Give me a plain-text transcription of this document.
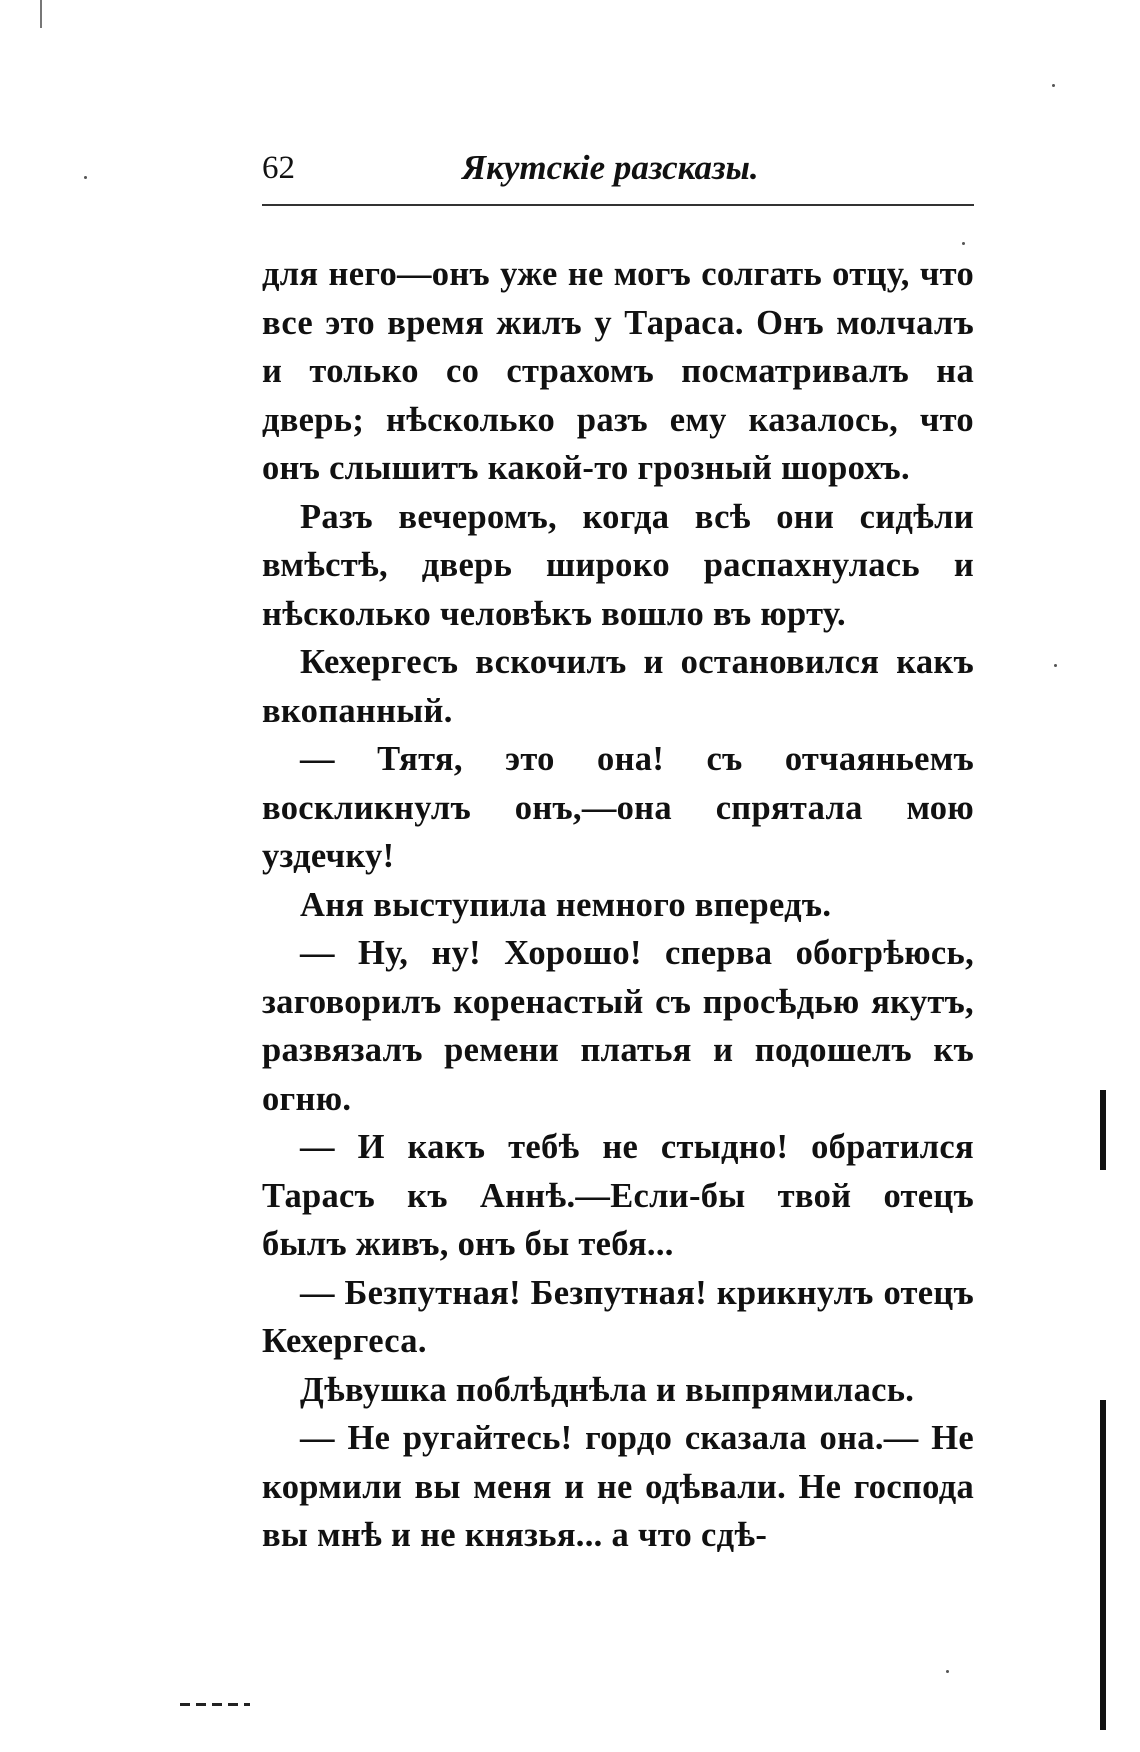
62	Якутскіе разсказы.

для него—онъ уже не могъ солгать отцу, что все это время жилъ у Тараса. Онъ молчалъ и только со страхомъ посматривалъ на дверь; нѣсколько разъ ему казалось, что онъ слышитъ какой-то грозный шорохъ.

Разъ вечеромъ, когда всѣ они сидѣли вмѣстѣ, дверь широко распахнулась и нѣсколько человѣкъ вошло въ юрту.

Кехергесъ вскочилъ и остановился какъ вкопанный.

— Тятя, это она! съ отчаяньемъ воскликнулъ онъ,—она спрятала мою уздечку!

Аня выступила немного впередъ.

— Ну, ну! Хорошо! сперва обогрѣюсь, заговорилъ коренастый съ просѣдью якутъ, развязалъ ремени платья и подошелъ къ огню.

— И какъ тебѣ не стыдно! обратился Тарасъ къ Аннѣ.—Если-бы твой отецъ былъ живъ, онъ бы тебя...

— Безпутная! Безпутная! крикнулъ отецъ Кехергеса.

Дѣвушка поблѣднѣла и выпрямилась.

— Не ругайтесь! гордо сказала она.— Не кормили вы меня и не одѣвали. Не господа вы мнѣ и не князья... а что сдѣ-
